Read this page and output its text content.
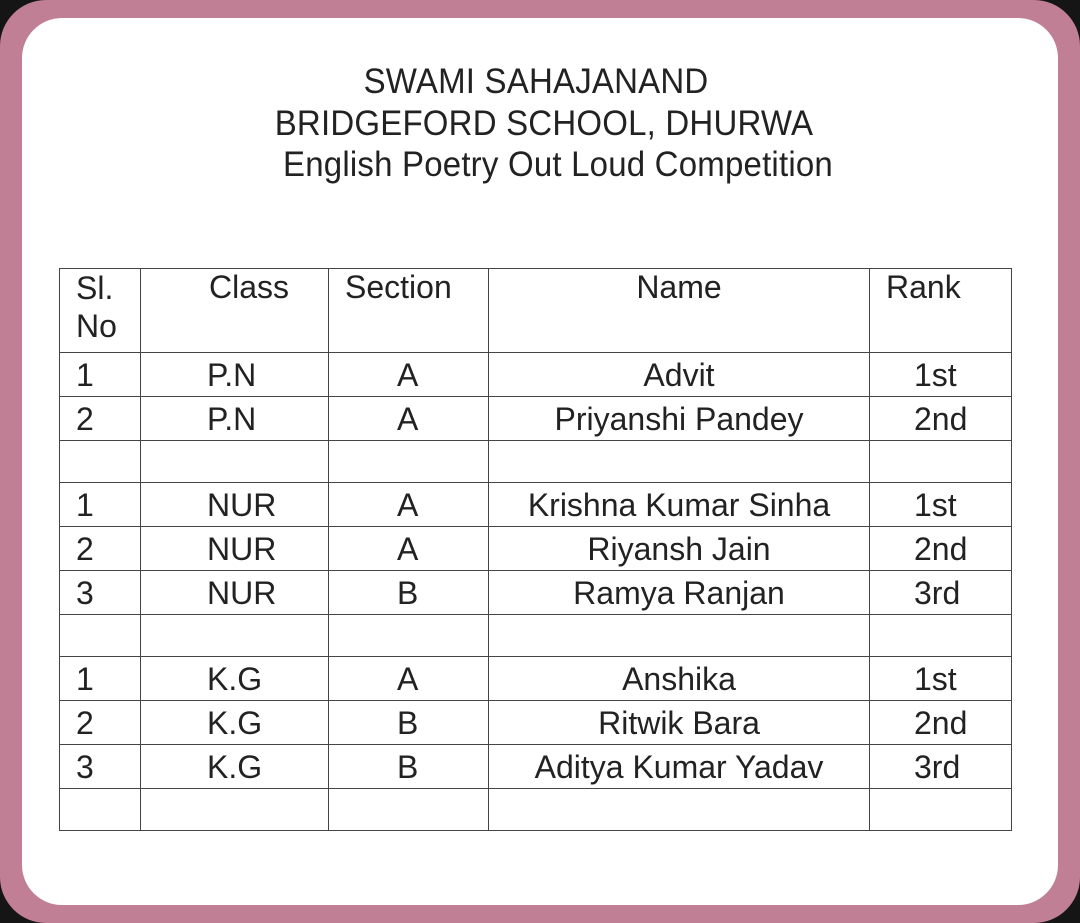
SWAMI SAHAJANAND
BRIDGEFORD SCHOOL, DHURWA
English Poetry Out Loud Competition
Sl. No	Class	Section	Name	Rank
1	P.N	A	Advit	1st
2	P.N	A	Priyanshi Pandey	2nd

1	NUR	A	Krishna Kumar Sinha	1st
2	NUR	A	Riyansh Jain	2nd
3	NUR	B	Ramya Ranjan	3rd

1	K.G	A	Anshika	1st
2	K.G	B	Ritwik Bara	2nd
3	K.G	B	Aditya Kumar Yadav	3rd
